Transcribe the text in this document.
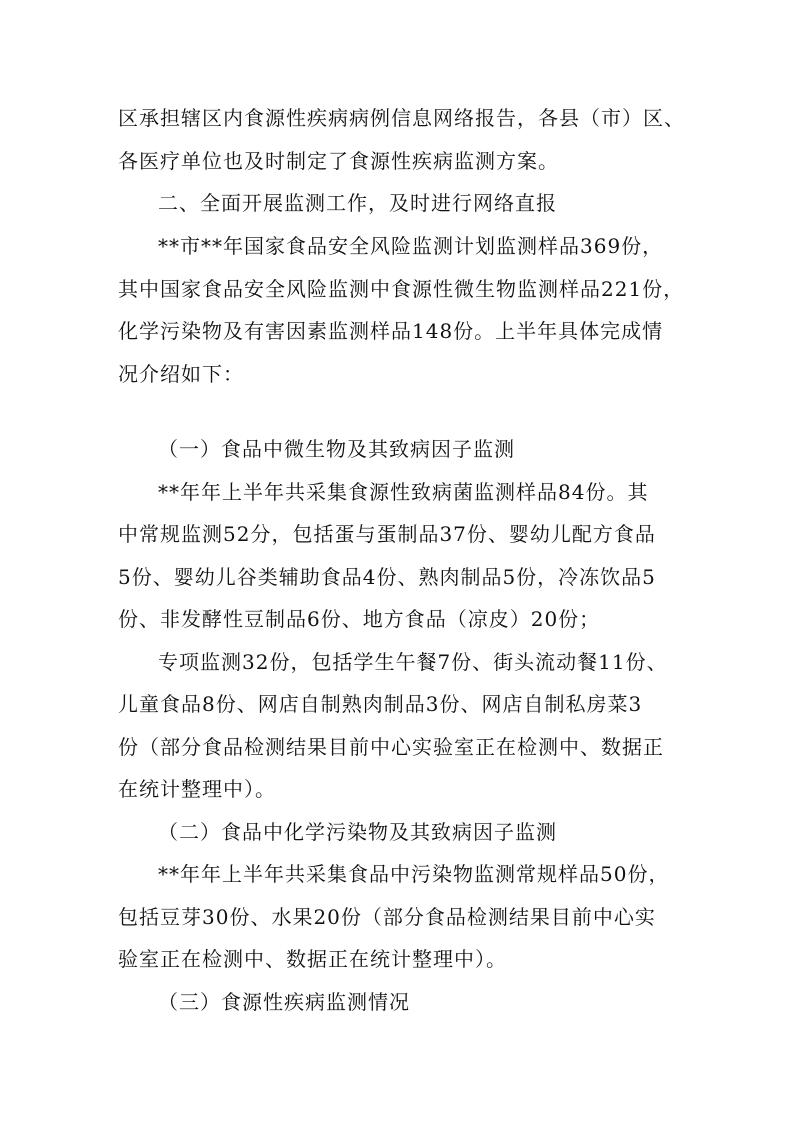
区承担辖区内食源性疾病病例信息网络报告，各县（市）区、
各医疗单位也及时制定了食源性疾病监测方案。
二、全面开展监测工作，及时进行网络直报
**市**年国家食品安全风险监测计划监测样品369份，
其中国家食品安全风险监测中食源性微生物监测样品221份，
化学污染物及有害因素监测样品148份。上半年具体完成情
况介绍如下：
（一）食品中微生物及其致病因子监测
**年年上半年共采集食源性致病菌监测样品84份。其
中常规监测52分，包括蛋与蛋制品37份、婴幼儿配方食品
5份、婴幼儿谷类辅助食品4份、熟肉制品5份，冷冻饮品5
份、非发酵性豆制品6份、地方食品（凉皮）20份；
专项监测32份，包括学生午餐7份、街头流动餐11份、
儿童食品8份、网店自制熟肉制品3份、网店自制私房菜3
份（部分食品检测结果目前中心实验室正在检测中、数据正
在统计整理中）。
（二）食品中化学污染物及其致病因子监测
**年年上半年共采集食品中污染物监测常规样品50份，
包括豆芽30份、水果20份（部分食品检测结果目前中心实
验室正在检测中、数据正在统计整理中）。
（三）食源性疾病监测情况
